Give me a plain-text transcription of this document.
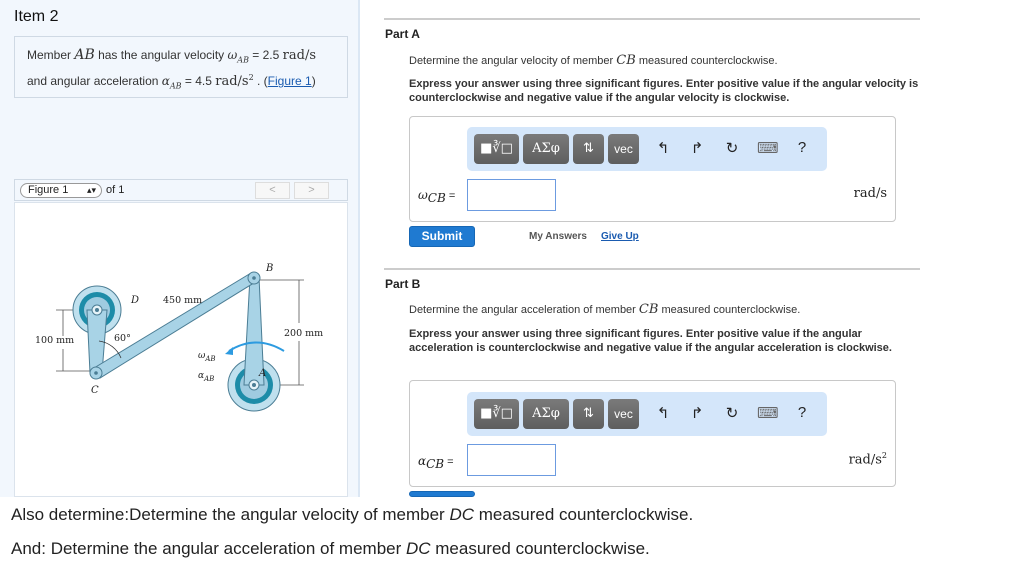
Item 2
Member AB has the angular velocity $\omega_{AB} = 2.5$ rad/s
and angular acceleration $\alpha_{AB} = 4.5$ rad/$s^2$ . (Figure 1)
Figure 1 ▴▾ of 1	<	>
B
D
C
A
450 mm
200 mm
100 mm	60°
$\omega_{AB}$
$\alpha_{AB}$
Part A
Determine the angular velocity of member CB measured counterclockwise.
Express your answer using three significant figures. Enter positive value if the angular velocity is counterclockwise and negative value if the angular velocity is clockwise.
■∛□	ΑΣφ	⇅	vec	↰ ↱ ↻ ⌨	?
$\omega_{CB}$ =	rad/s
Submit	My Answers Give Up
Part B
Determine the angular acceleration of member CB measured counterclockwise.
Express your answer using three significant figures. Enter positive value if the angular acceleration is counterclockwise and negative value if the angular acceleration is clockwise.
■∛□	ΑΣφ	⇅	vec	↰ ↱ ↻ ⌨	?
$\alpha_{CB}$ =	rad/$s^2$
Also determine:Determine the angular velocity of member DC measured counterclockwise.
And: Determine the angular acceleration of member DC measured counterclockwise.
